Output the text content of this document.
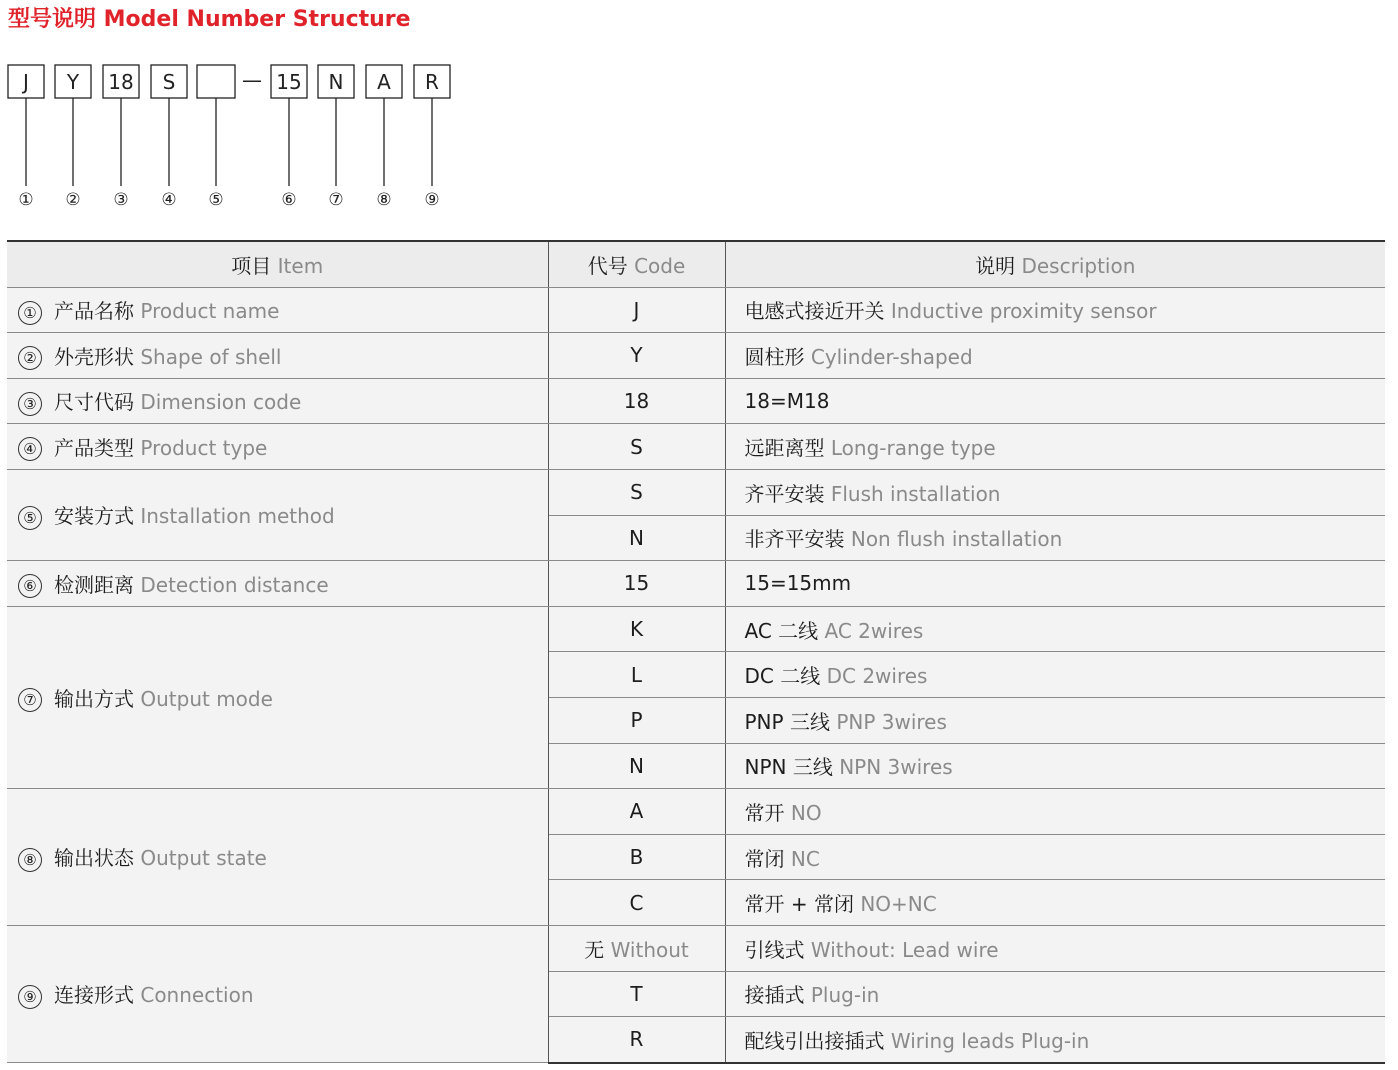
型号说明 Model Number Structure
J
①
Y
②
18
③
S
④ ⑤
15
⑥
N
⑦
A
⑧
R
⑨
—
项目 Item	代号 Code	说明 Description
① 产品名称 Product name	J	电感式接近开关 Inductive proximity sensor
② 外壳形状 Shape of shell	Y	圆柱形 Cylinder-shaped
③ 尺寸代码 Dimension code	18	18=M18
④ 产品类型 Product type	S	远距离型 Long-range type
⑤ 安装方式 Installation method	S	齐平安装 Flush installation
	N	非齐平安装 Non flush installation
⑥ 检测距离 Detection distance	15	15=15mm
⑦ 输出方式 Output mode	K	AC 二线 AC 2wires
	L	DC 二线 DC 2wires
	P	PNP 三线 PNP 3wires
	N	NPN 三线 NPN 3wires
⑧ 输出状态 Output state	A	常开 NO
	B	常闭 NC
	C	常开 + 常闭 NO+NC
⑨ 连接形式 Connection	无 Without	引线式 Without: Lead wire
	T	接插式 Plug-in
	R	配线引出接插式 Wiring leads Plug-in
